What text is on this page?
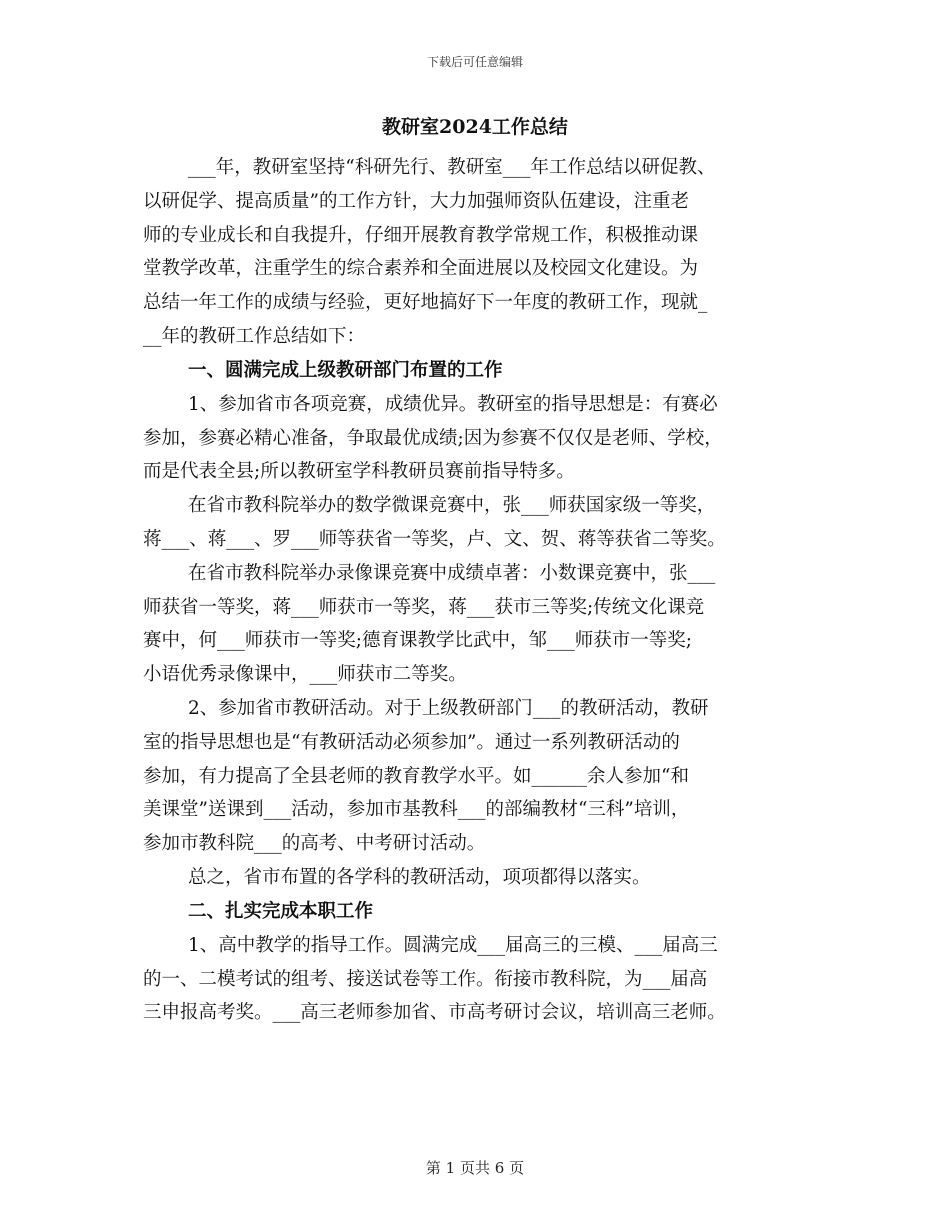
下载后可任意编辑
教研室2024工作总结
___年，教研室坚持“科研先行、教研室___年工作总结以研促教、
以研促学、提高质量”的工作方针，大力加强师资队伍建设，注重老
师的专业成长和自我提升，仔细开展教育教学常规工作，积极推动课
堂教学改革，注重学生的综合素养和全面进展以及校园文化建设。为
总结一年工作的成绩与经验，更好地搞好下一年度的教研工作，现就_
__年的教研工作总结如下：
一、圆满完成上级教研部门布置的工作
1、参加省市各项竞赛，成绩优异。教研室的指导思想是：有赛必
参加，参赛必精心准备，争取最优成绩;因为参赛不仅仅是老师、学校，
而是代表全县;所以教研室学科教研员赛前指导特多。
在省市教科院举办的数学微课竞赛中，张___师获国家级一等奖，
蒋___、蒋___、罗___师等获省一等奖，卢、文、贺、蒋等获省二等奖。
在省市教科院举办录像课竞赛中成绩卓著：小数课竞赛中，张___
师获省一等奖，蒋___师获市一等奖，蒋___获市三等奖;传统文化课竞
赛中，何___师获市一等奖;德育课教学比武中，邹___师获市一等奖;
小语优秀录像课中，___师获市二等奖。
2、参加省市教研活动。对于上级教研部门___的教研活动，教研
室的指导思想也是“有教研活动必须参加”。通过一系列教研活动的
参加，有力提高了全县老师的教育教学水平。如______余人参加“和
美课堂”送课到___活动，参加市基教科___的部编教材“三科”培训，
参加市教科院___的高考、中考研讨活动。
总之，省市布置的各学科的教研活动，项项都得以落实。
二、扎实完成本职工作
1、高中教学的指导工作。圆满完成___届高三的三模、___届高三
的一、二模考试的组考、接送试卷等工作。衔接市教科院，为___届高
三申报高考奖。___高三老师参加省、市高考研讨会议，培训高三老师。
第 1 页共 6 页
